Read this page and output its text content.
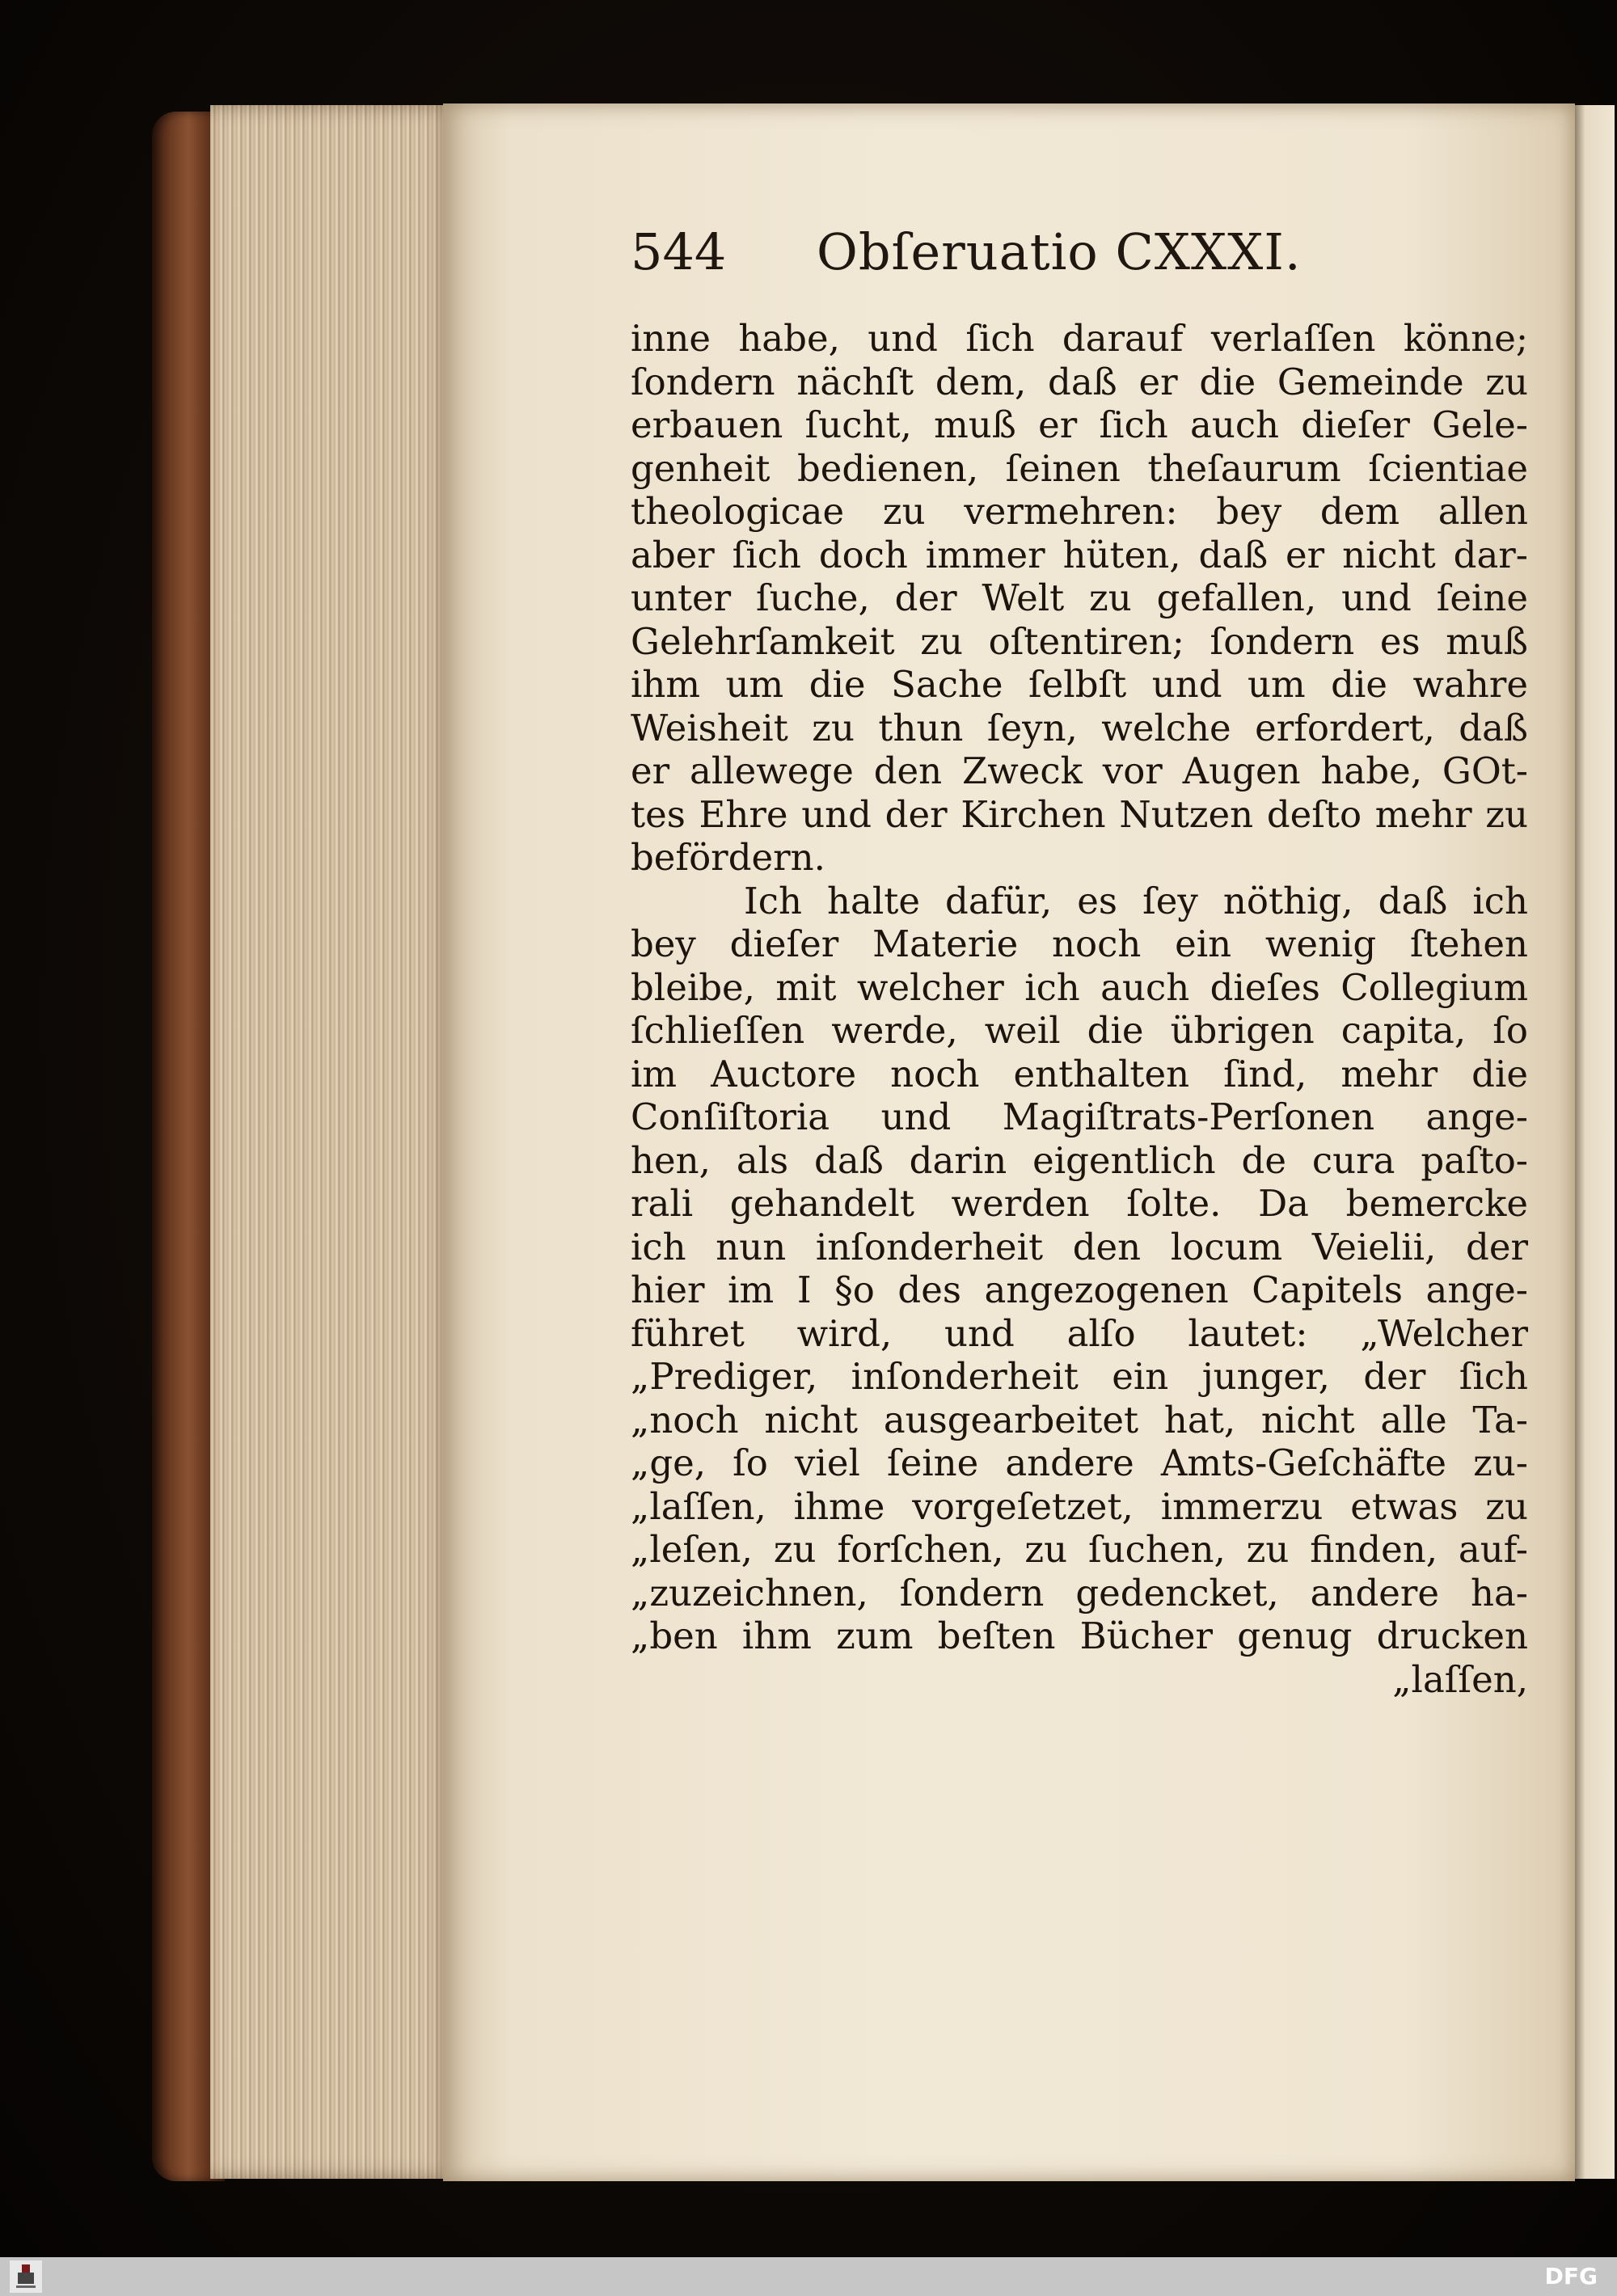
544 Obſeruatio CXXXI.
inne habe, und ſich darauf verlaſſen könne;
ſondern nächſt dem, daß er die Gemeinde zu
erbauen ſucht, muß er ſich auch dieſer Gele-
genheit bedienen, ſeinen theſaurum ſcientiae
theologicae zu vermehren: bey dem allen
aber ſich doch immer hüten, daß er nicht dar-
unter ſuche, der Welt zu gefallen, und ſeine
Gelehrſamkeit zu oſtentiren; ſondern es muß
ihm um die Sache ſelbſt und um die wahre
Weisheit zu thun ſeyn, welche erfordert, daß
er allewege den Zweck vor Augen habe, GOt-
tes Ehre und der Kirchen Nutzen deſto mehr zu
befördern.
Ich halte dafür, es ſey nöthig, daß ich
bey dieſer Materie noch ein wenig ſtehen
bleibe, mit welcher ich auch dieſes Collegium
ſchlieſſen werde, weil die übrigen capita, ſo
im Auctore noch enthalten ſind, mehr die
Conſiſtoria und Magiſtrats-Perſonen ange-
hen, als daß darin eigentlich de cura paſto-
rali gehandelt werden ſolte. Da bemercke
ich nun inſonderheit den locum Veielii, der
hier im I §o des angezogenen Capitels ange-
führet wird, und alſo lautet: „Welcher
„Prediger, inſonderheit ein junger, der ſich
„noch nicht ausgearbeitet hat, nicht alle Ta-
„ge, ſo viel ſeine andere Amts-Geſchäfte zu-
„laſſen, ihme vorgeſetzet, immerzu etwas zu
„leſen, zu forſchen, zu ſuchen, zu finden, auf-
„zuzeichnen, ſondern gedencket, andere ha-
„ben ihm zum beſten Bücher genug drucken
„laſſen,
DFG
